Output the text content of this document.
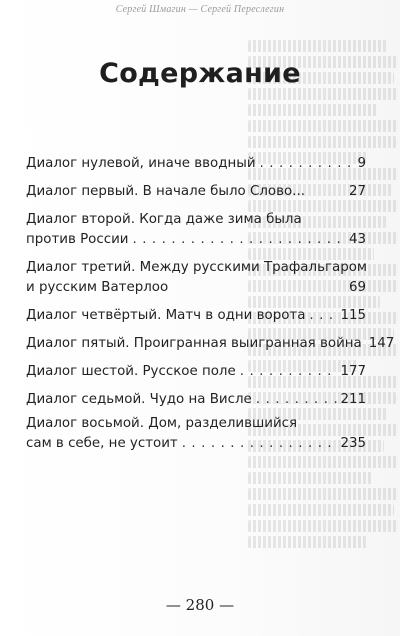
Сергей Шмагин — Сергей Переслегин
Содержание
Диалог нулевой, иначе вводный . . .	9
Диалог первый. В начале было Слово...	27
Диалог второй. Когда даже зима была
против России . . .	43
Диалог третий. Между русскими Трафальгаром
и русским Ватерлоо	69
Диалог четвёртый. Матч в одни ворота . . .	115
Диалог пятый. Проигранная выигранная война 147
Диалог шестой. Русское поле . . .	177
Диалог седьмой. Чудо на Висле . . .	211
Диалог восьмой. Дом, разделившийся
сам в себе, не устоит . . .	235
— 280 —
